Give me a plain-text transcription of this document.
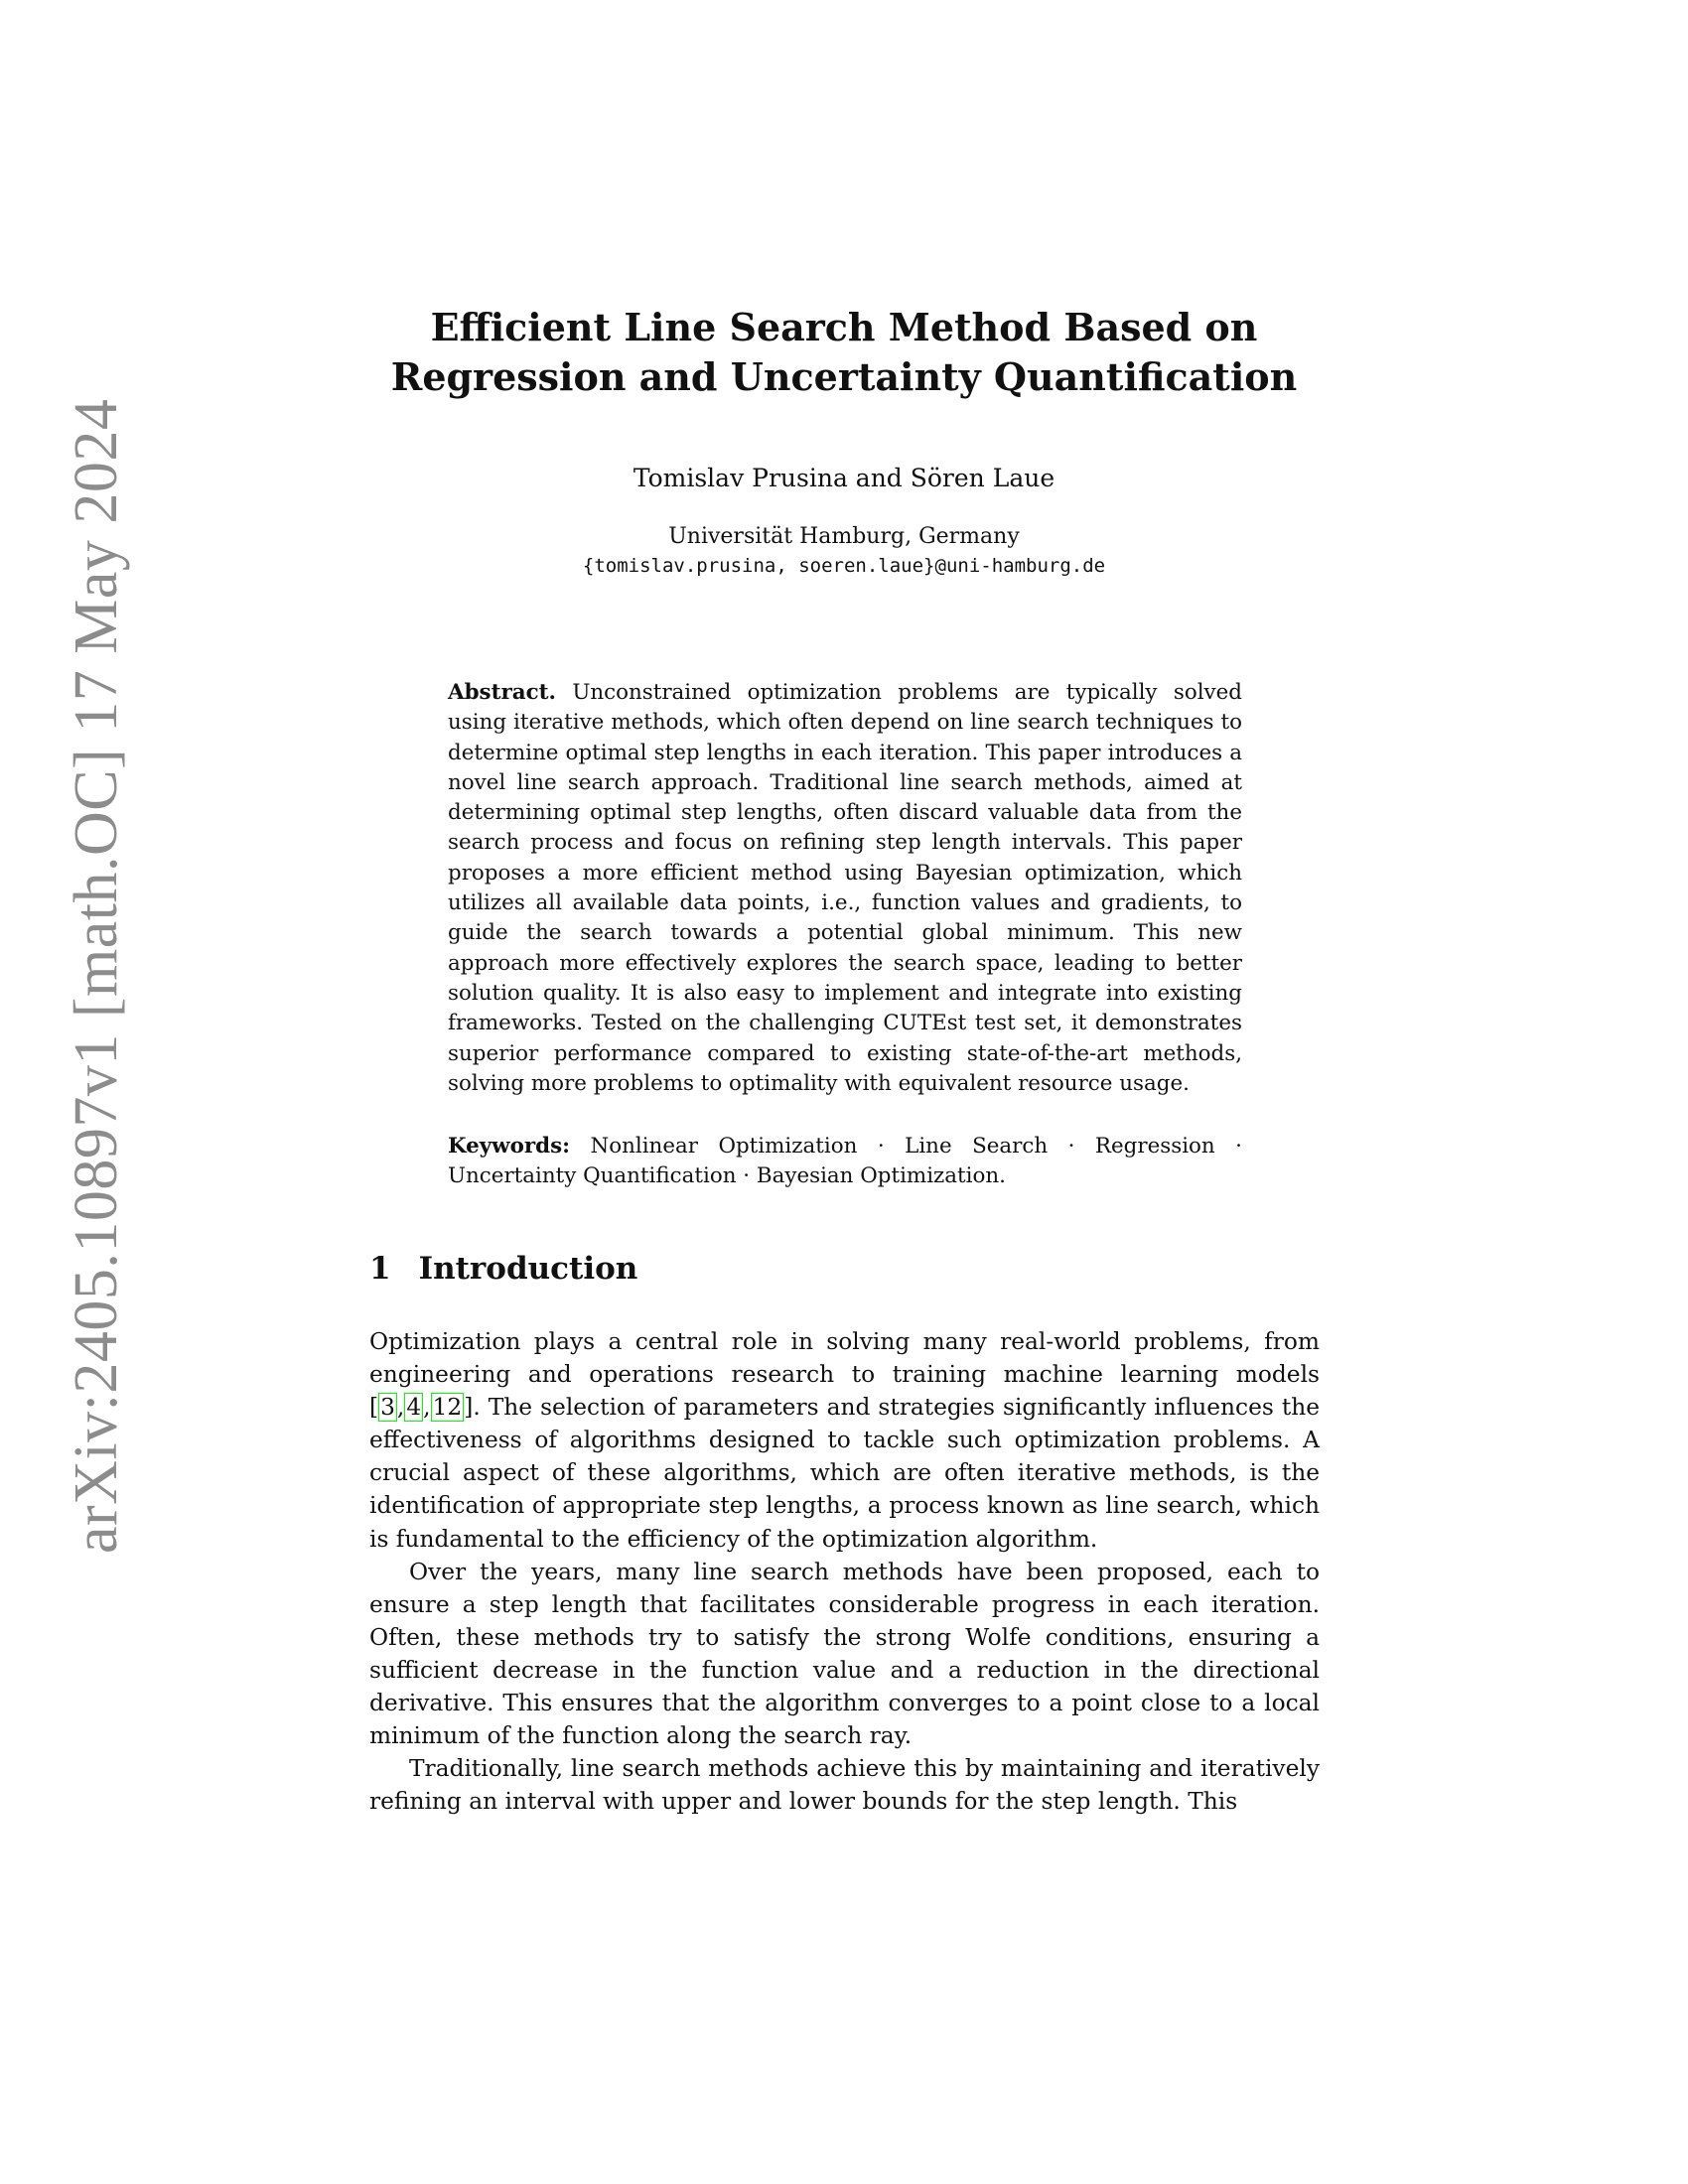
arXiv:2405.10897v1 [math.OC] 17 May 2024
Efficient Line Search Method Based on
Regression and Uncertainty Quantification
Tomislav Prusina and Sören Laue
Universität Hamburg, Germany
{tomislav.prusina, soeren.laue}@uni-hamburg.de

Abstract. Unconstrained optimization problems are typically solved using iterative methods, which often depend on line search techniques to determine optimal step lengths in each iteration. This paper introduces a novel line search approach. Traditional line search methods, aimed at determining optimal step lengths, often discard valuable data from the search process and focus on refining step length intervals. This paper proposes a more efficient method using Bayesian optimization, which utilizes all available data points, i.e., function values and gradients, to guide the search towards a potential global minimum. This new approach more effectively explores the search space, leading to better solution quality. It is also easy to implement and integrate into existing frameworks. Tested on the challenging CUTEst test set, it demonstrates superior performance compared to existing state-of-the-art methods, solving more problems to optimality with equivalent resource usage.

Keywords: Nonlinear Optimization · Line Search · Regression · Uncertainty Quantification · Bayesian Optimization.

1 Introduction

Optimization plays a central role in solving many real-world problems, from engineering and operations research to training machine learning models [3,4,12]. The selection of parameters and strategies significantly influences the effectiveness of algorithms designed to tackle such optimization problems. A crucial aspect of these algorithms, which are often iterative methods, is the identification of appropriate step lengths, a process known as line search, which is fundamental to the efficiency of the optimization algorithm.

Over the years, many line search methods have been proposed, each to ensure a step length that facilitates considerable progress in each iteration. Often, these methods try to satisfy the strong Wolfe conditions, ensuring a sufficient decrease in the function value and a reduction in the directional derivative. This ensures that the algorithm converges to a point close to a local minimum of the function along the search ray.

Traditionally, line search methods achieve this by maintaining and iteratively refining an interval with upper and lower bounds for the step length. This
